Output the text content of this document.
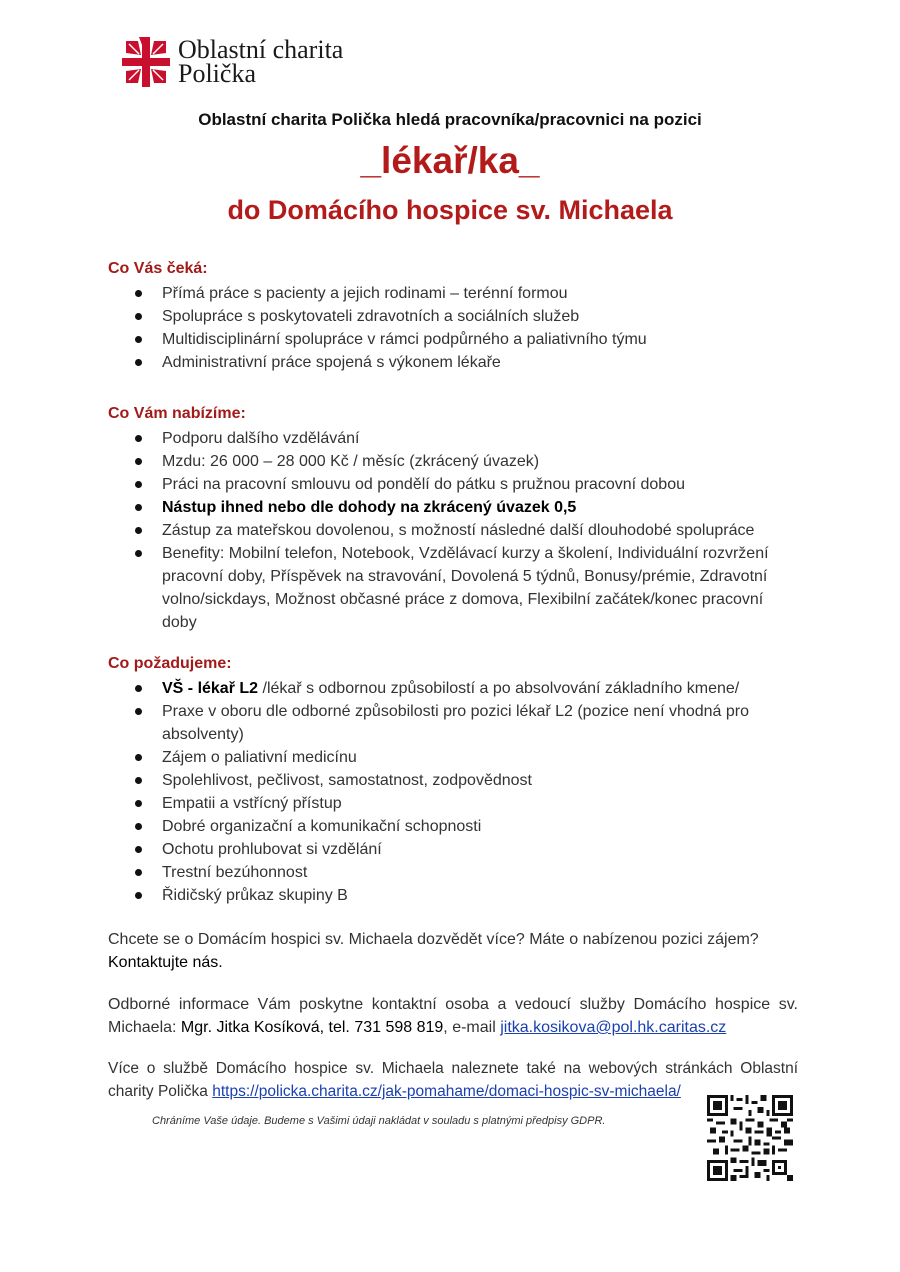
Oblastní charita
Polička
Oblastní charita Polička hledá pracovníka/pracovnici na pozici
_lékař/ka_
do Domácího hospice sv. Michaela
Co Vás čeká:
Přímá práce s pacienty a jejich rodinami – terénní formou
Spolupráce s poskytovateli zdravotních a sociálních služeb
Multidisciplinární spolupráce v rámci podpůrného a paliativního týmu
Administrativní práce spojená s výkonem lékaře
Co Vám nabízíme:
Podporu dalšího vzdělávání
Mzdu: 26 000 – 28 000 Kč / měsíc (zkrácený úvazek)
Práci na pracovní smlouvu od pondělí do pátku s pružnou pracovní dobou
Nástup ihned nebo dle dohody na zkrácený úvazek 0,5
Zástup za mateřskou dovolenou, s možností následné další dlouhodobé spolupráce
Benefity: Mobilní telefon, Notebook, Vzdělávací kurzy a školení, Individuální rozvržení pracovní doby, Příspěvek na stravování, Dovolená 5 týdnů, Bonusy/prémie, Zdravotní volno/sickdays, Možnost občasné práce z domova, Flexibilní začátek/konec pracovní doby
Co požadujeme:
VŠ - lékař L2 /lékař s odbornou způsobilostí a po absolvování základního kmene/
Praxe v oboru dle odborné způsobilosti pro pozici lékař L2 (pozice není vhodná pro absolventy)
Zájem o paliativní medicínu
Spolehlivost, pečlivost, samostatnost, zodpovědnost
Empatii a vstřícný přístup
Dobré organizační a komunikační schopnosti
Ochotu prohlubovat si vzdělání
Trestní bezúhonnost
Řidičský průkaz skupiny B
Chcete se o Domácím hospici sv. Michaela dozvědět více? Máte o nabízenou pozici zájem?
Kontaktujte nás.
Odborné informace Vám poskytne kontaktní osoba a vedoucí služby Domácího hospice sv. Michaela: Mgr. Jitka Kosíková, tel. 731 598 819, e-mail jitka.kosikova@pol.hk.caritas.cz
Více o službě Domácího hospice sv. Michaela naleznete také na webových stránkách Oblastní charity Polička https://policka.charita.cz/jak-pomahame/domaci-hospic-sv-michaela/
Chráníme Vaše údaje. Budeme s Vašimi údaji nakládat v souladu s platnými předpisy GDPR.
